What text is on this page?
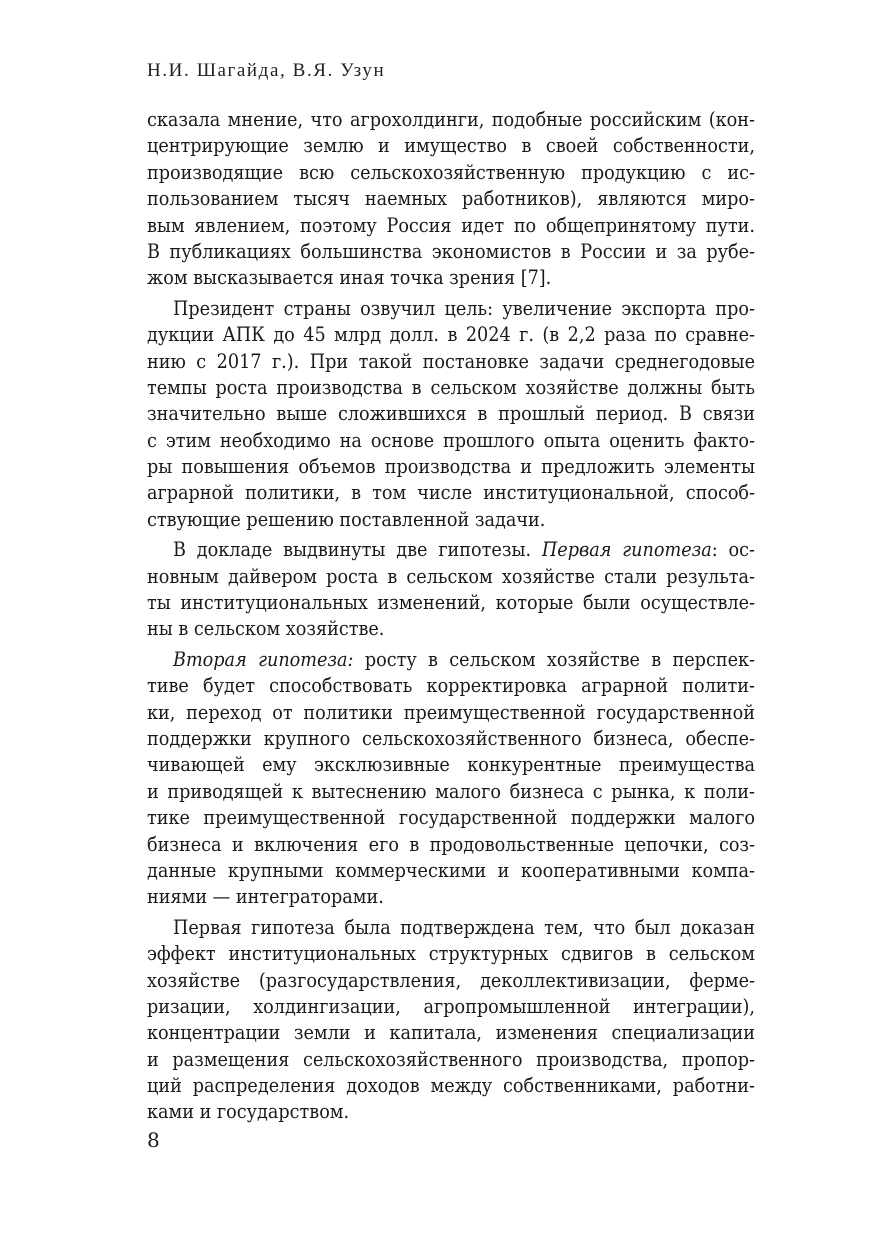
Н.И. Шагайда, В.Я. Узун
сказала мнение, что агрохолдинги, подобные российским (кон-
центрирующие землю и имущество в своей собственности,
производящие всю сельскохозяйственную продукцию с ис-
пользованием тысяч наемных работников), являются миро-
вым явлением, поэтому Россия идет по общепринятому пути.
В публикациях большинства экономистов в России и за рубе-
жом высказывается иная точка зрения [7].
Президент страны озвучил цель: увеличение экспорта про-
дукции АПК до 45 млрд долл. в 2024 г. (в 2,2 раза по сравне-
нию с 2017 г.). При такой постановке задачи среднегодовые
темпы роста производства в сельском хозяйстве должны быть
значительно выше сложившихся в прошлый период. В связи
с этим необходимо на основе прошлого опыта оценить факто-
ры повышения объемов производства и предложить элементы
аграрной политики, в том числе институциональной, способ-
ствующие решению поставленной задачи.
В докладе выдвинуты две гипотезы. Первая гипотеза: ос-
новным дайвером роста в сельском хозяйстве стали результа-
ты институциональных изменений, которые были осуществле-
ны в сельском хозяйстве.
Вторая гипотеза: росту в сельском хозяйстве в перспек-
тиве будет способствовать корректировка аграрной полити-
ки, переход от политики преимущественной государственной
поддержки крупного сельскохозяйственного бизнеса, обеспе-
чивающей ему эксклюзивные конкурентные преимущества
и приводящей к вытеснению малого бизнеса с рынка, к поли-
тике преимущественной государственной поддержки малого
бизнеса и включения его в продовольственные цепочки, соз-
данные крупными коммерческими и кооперативными компа-
ниями — интеграторами.
Первая гипотеза была подтверждена тем, что был доказан
эффект институциональных структурных сдвигов в сельском
хозяйстве (разгосударствления, деколлективизации, ферме-
ризации, холдингизации, агропромышленной интеграции),
концентрации земли и капитала, изменения специализации
и размещения сельскохозяйственного производства, пропор-
ций распределения доходов между собственниками, работни-
ками и государством.
8
